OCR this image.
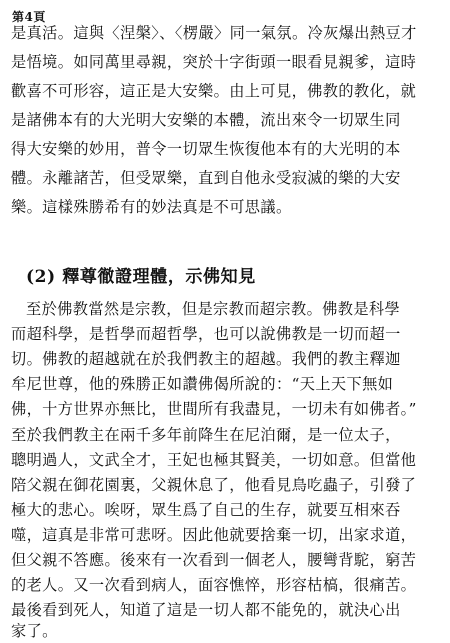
第4頁
是真活。這與〈涅槃〉、〈楞嚴〉同一氣氛。冷灰爆出熱豆才
是悟境。如同萬里尋親，突於十字街頭一眼看見親爹，這時
歡喜不可形容，這正是大安樂。由上可見，佛教的教化，就
是諸佛本有的大光明大安樂的本體，流出來令一切眾生同
得大安樂的妙用，普令一切眾生恢復他本有的大光明的本
體。永離諸苦，但受眾樂，直到自他永受寂滅的樂的大安
樂。這樣殊勝希有的妙法真是不可思議。
(2) 釋尊徹證理體，示佛知見
至於佛教當然是宗教，但是宗教而超宗教。佛教是科學
而超科學，是哲學而超哲學，也可以說佛教是一切而超一
切。佛教的超越就在於我們教主的超越。我們的教主釋迦
牟尼世尊，他的殊勝正如讚佛偈所說的：“天上天下無如
佛，十方世界亦無比，世間所有我盡見，一切未有如佛者。”
至於我們教主在兩千多年前降生在尼泊爾，是一位太子，
聰明過人，文武全才，王妃也極其賢美，一切如意。但當他
陪父親在御花園裏，父親休息了，他看見鳥吃蟲子，引發了
極大的悲心。唉呀，眾生爲了自己的生存，就要互相來吞
噬，這真是非常可悲呀。因此他就要捨棄一切，出家求道，
但父親不答應。後來有一次看到一個老人，腰彎背駝，窮苦
的老人。又一次看到病人，面容憔悴，形容枯槁，很痛苦。
最後看到死人，知道了這是一切人都不能免的，就決心出
家了。
